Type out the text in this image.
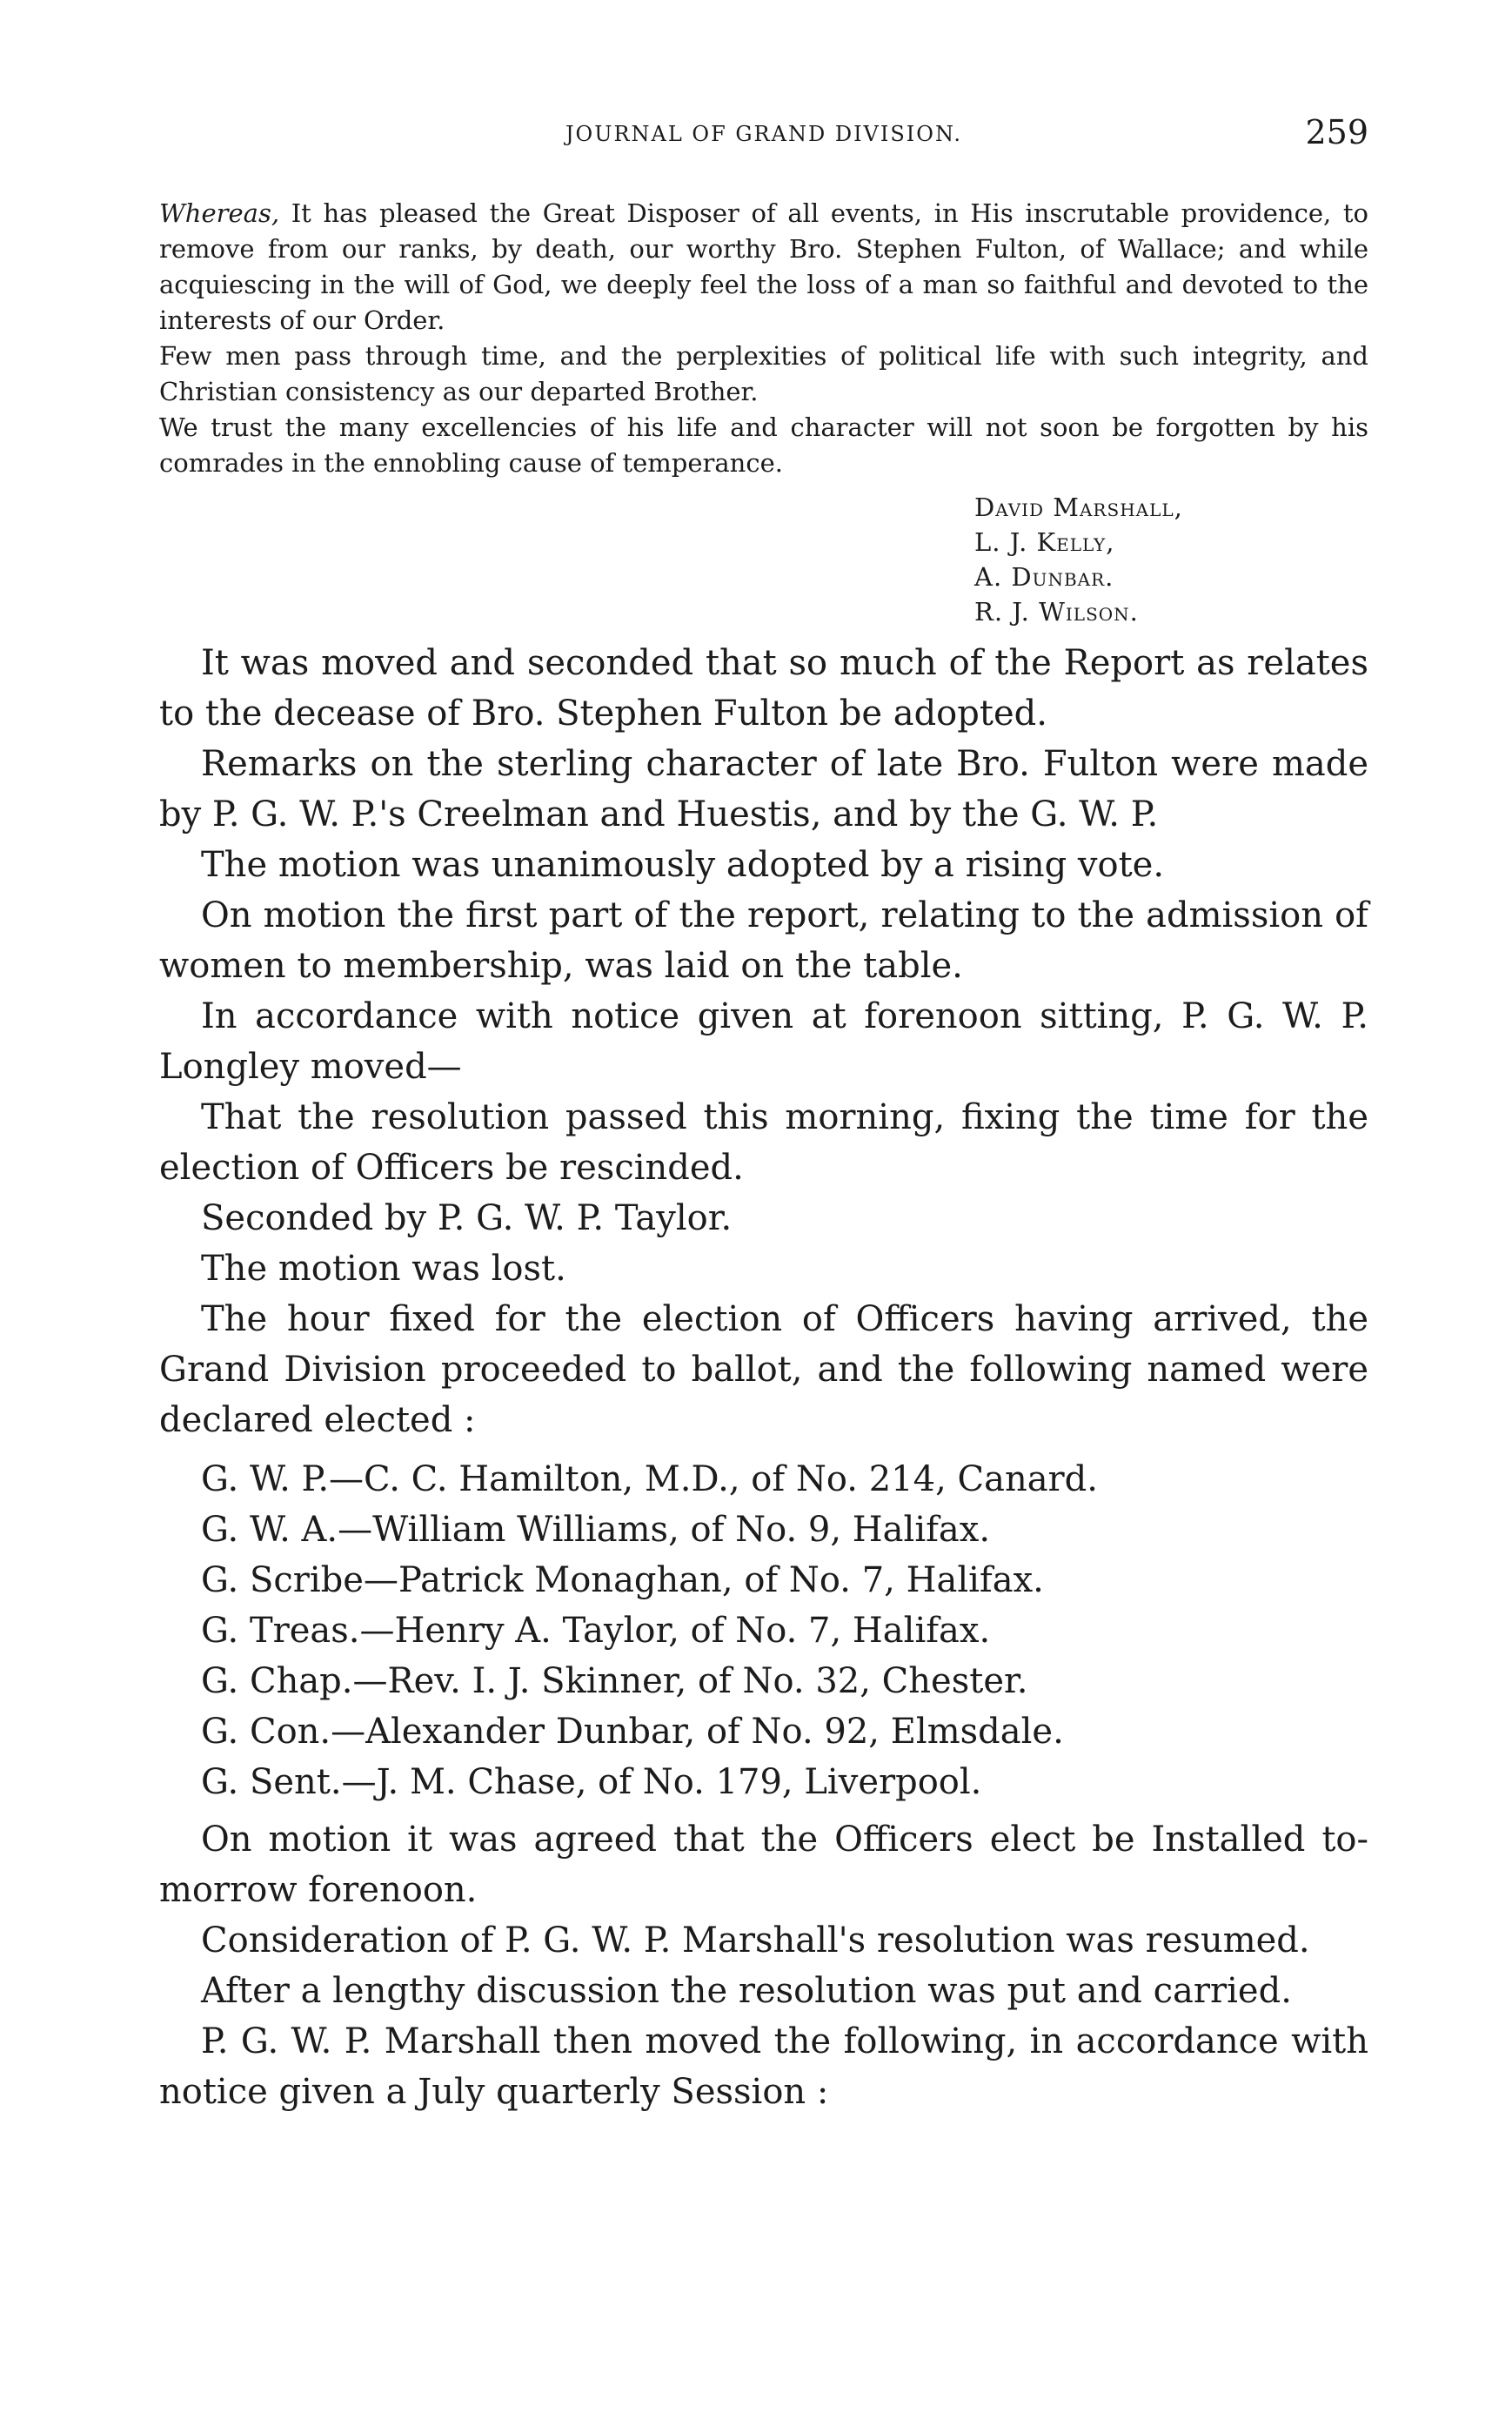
JOURNAL OF GRAND DIVISION.	259

Whereas, It has pleased the Great Disposer of all events, in His inscrutable providence, to remove from our ranks, by death, our worthy Bro. Stephen Fulton, of Wallace; and while acquiescing in the will of God, we deeply feel the loss of a man so faithful and devoted to the interests of our Order.

Few men pass through time, and the perplexities of political life with such integrity, and Christian consistency as our departed Brother.

We trust the many excellencies of his life and character will not soon be forgotten by his comrades in the ennobling cause of temperance.

David Marshall,
L. J. Kelly,
A. Dunbar.
R. J. Wilson.

It was moved and seconded that so much of the Report as relates to the decease of Bro. Stephen Fulton be adopted.

Remarks on the sterling character of late Bro. Fulton were made by P. G. W. P.'s Creelman and Huestis, and by the G. W. P.

The motion was unanimously adopted by a rising vote.

On motion the first part of the report, relating to the admission of women to membership, was laid on the table.

In accordance with notice given at forenoon sitting, P. G. W. P. Longley moved—

That the resolution passed this morning, fixing the time for the election of Officers be rescinded.

Seconded by P. G. W. P. Taylor.

The motion was lost.

The hour fixed for the election of Officers having arrived, the Grand Division proceeded to ballot, and the following named were declared elected :

G. W. P.—C. C. Hamilton, M.D., of No. 214, Canard.
G. W. A.—William Williams, of No. 9, Halifax.
G. Scribe—Patrick Monaghan, of No. 7, Halifax.
G. Treas.—Henry A. Taylor, of No. 7, Halifax.
G. Chap.—Rev. I. J. Skinner, of No. 32, Chester.
G. Con.—Alexander Dunbar, of No. 92, Elmsdale.
G. Sent.—J. M. Chase, of No. 179, Liverpool.

On motion it was agreed that the Officers elect be Installed to-morrow forenoon.

Consideration of P. G. W. P. Marshall's resolution was resumed.

After a lengthy discussion the resolution was put and carried.

P. G. W. P. Marshall then moved the following, in accordance with notice given a July quarterly Session :
